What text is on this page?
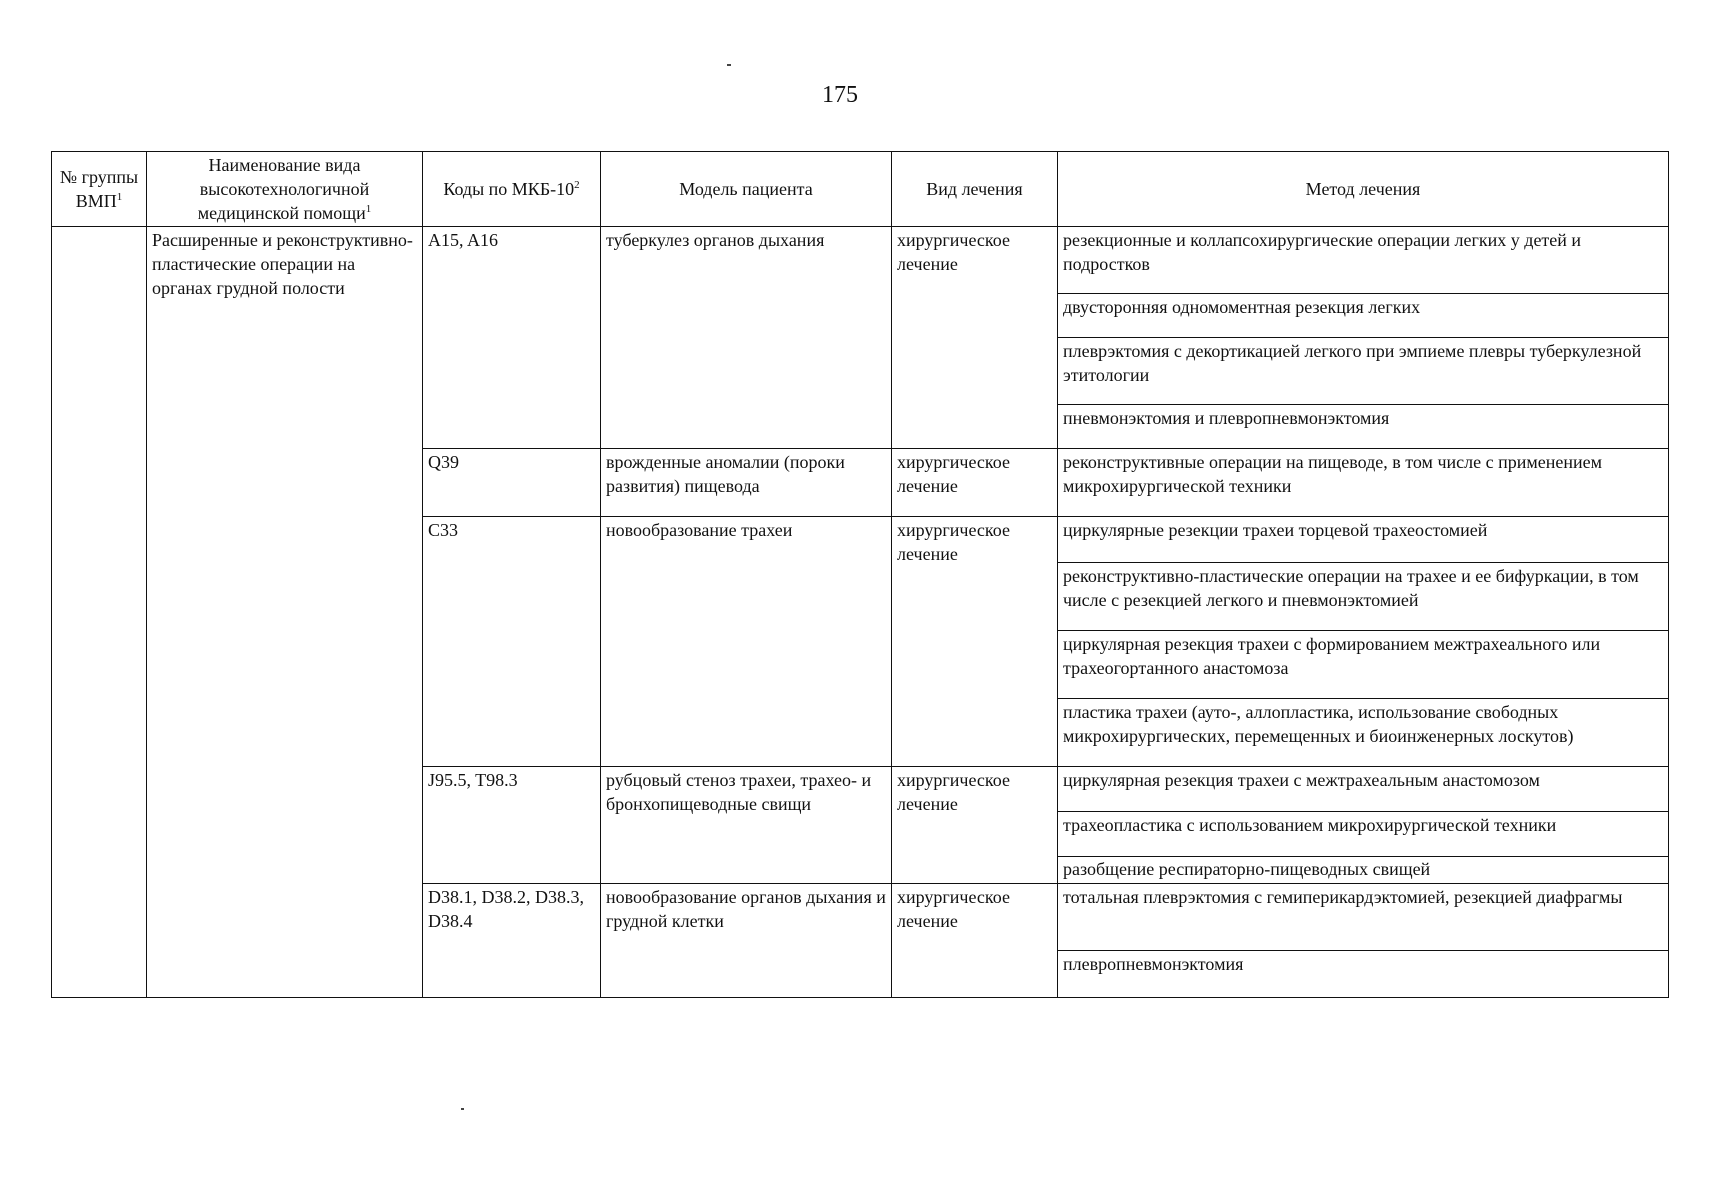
175
№ группы ВМП$^1$	Наименование вида высокотехнологичной медицинской помощи$^1$	Коды по МКБ-$10^2$	Модель пациента	Вид лечения	Метод лечения
	Расширенные и реконструктивно-пластические операции на органах грудной полости	A15, A16	туберкулез органов дыхания	хирургическое лечение	резекционные и коллапсохирургические операции легких у детей и подростков
					двусторонняя одномоментная резекция легких
					плеврэктомия с декортикацией легкого при эмпиеме плевры туберкулезной этитологии
					пневмонэктомия и плевропневмонэктомия
		Q39	врожденные аномалии (пороки развития) пищевода	хирургическое лечение	реконструктивные операции на пищеводе, в том числе с применением микрохирургической техники
		C33	новообразование трахеи	хирургическое лечение	циркулярные резекции трахеи торцевой трахеостомией
					реконструктивно-пластические операции на трахее и ее бифуркации, в том числе с резекцией легкого и пневмонэктомией
					циркулярная резекция трахеи с формированием межтрахеального или трахеогортанного анастомоза
					пластика трахеи (ауто-, аллопластика, использование свободных микрохирургических, перемещенных и биоинженерных лоскутов)
		J95.5, T98.3	рубцовый стеноз трахеи, трахео- и бронхопищеводные свищи	хирургическое лечение	циркулярная резекция трахеи с межтрахеальным анастомозом
					трахеопластика с использованием микрохирургической техники
					разобщение респираторно-пищеводных свищей
		D38.1, D38.2, D38.3, D38.4	новообразование органов дыхания и грудной клетки	хирургическое лечение	тотальная плеврэктомия с гемиперикардэктомией, резекцией диафрагмы
					плевропневмонэктомия
